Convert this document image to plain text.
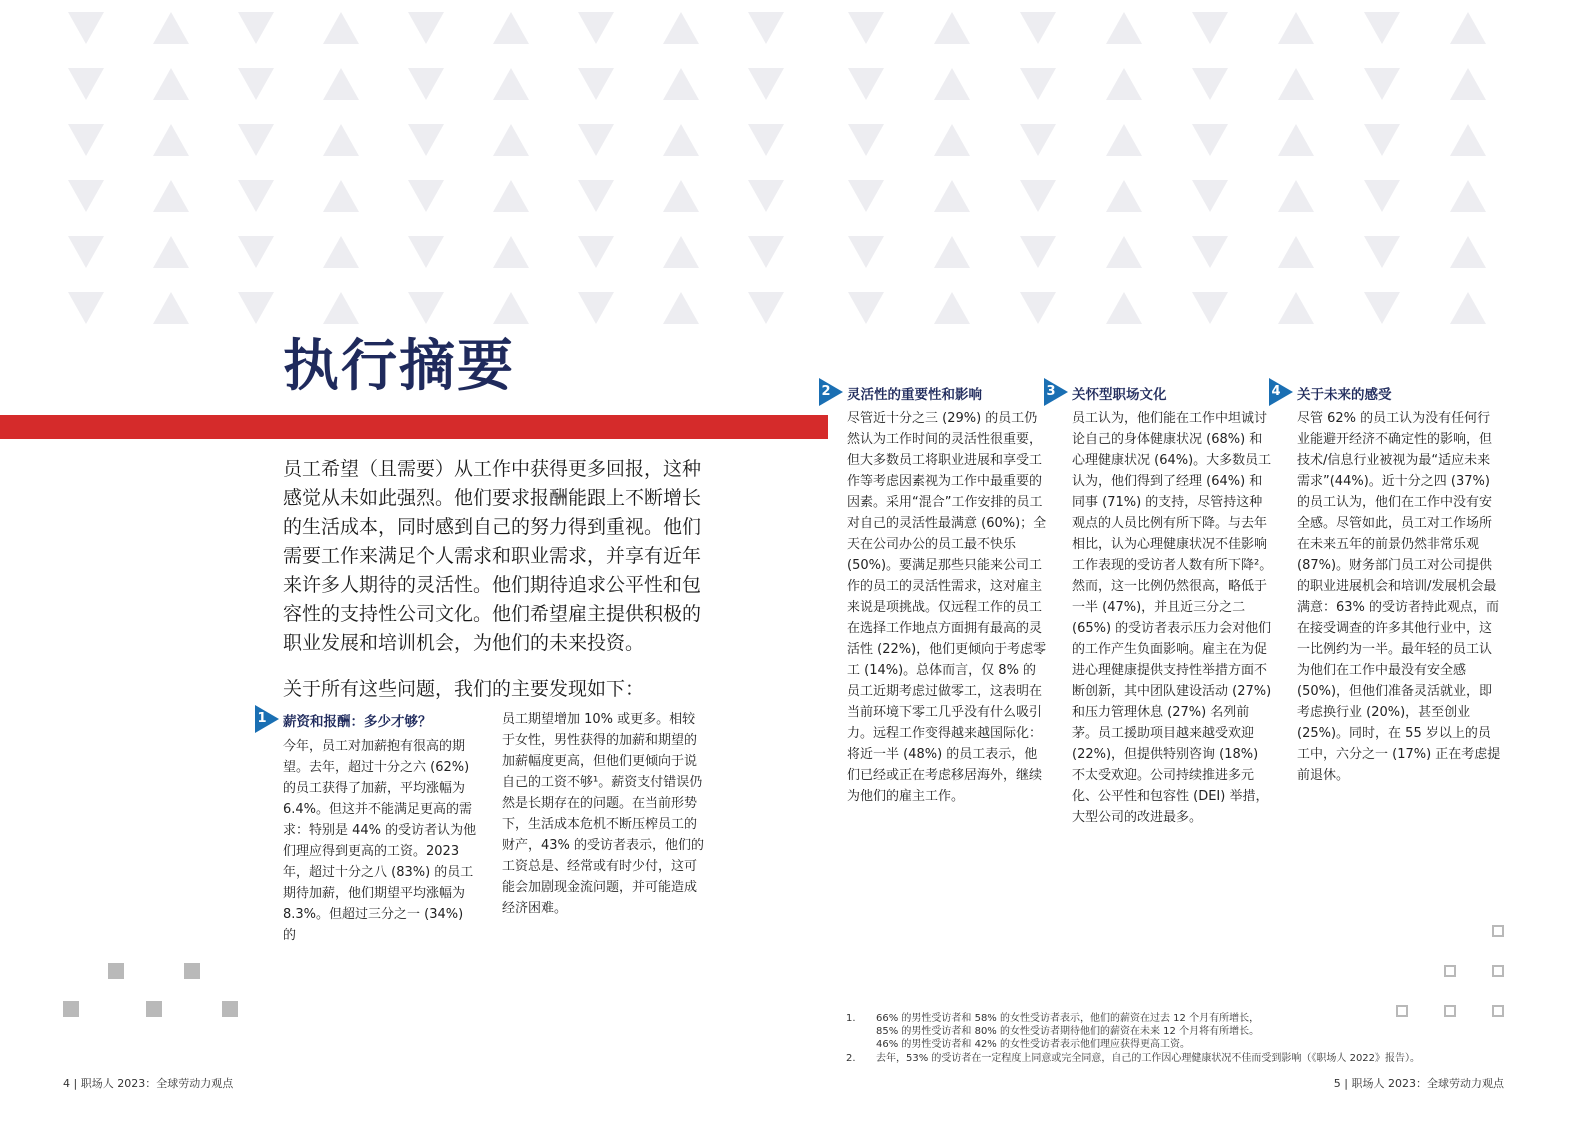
执行摘要

员工希望（且需要）从工作中获得更多回报，这种感觉从未如此强烈。他们要求报酬能跟上不断增长的生活成本，同时感到自己的努力得到重视。他们需要工作来满足个人需求和职业需求，并享有近年来许多人期待的灵活性。他们期待追求公平性和包容性的支持性公司文化。他们希望雇主提供积极的职业发展和培训机会，为他们的未来投资。

关于所有这些问题，我们的主要发现如下：

1 薪资和报酬：多少才够？

今年，员工对加薪抱有很高的期望。去年，超过十分之六 (62%) 的员工获得了加薪，平均涨幅为 6.4%。但这并不能满足更高的需求：特别是 44% 的受访者认为他们理应得到更高的工资。2023 年，超过十分之八 (83%) 的员工期待加薪，他们期望平均涨幅为 8.3%。但超过三分之一 (34%) 的

员工期望增加 10% 或更多。相较于女性，男性获得的加薪和期望的加薪幅度更高，但他们更倾向于说自己的工资不够¹。薪资支付错误仍然是长期存在的问题。在当前形势下，生活成本危机不断压榨员工的财产，43% 的受访者表示，他们的工资总是、经常或有时少付，这可能会加剧现金流问题，并可能造成经济困难。

2 灵活性的重要性和影响

尽管近十分之三 (29%) 的员工仍然认为工作时间的灵活性很重要，但大多数员工将职业进展和享受工作等考虑因素视为工作中最重要的因素。采用“混合”工作安排的员工对自己的灵活性最满意 (60%)；全天在公司办公的员工最不快乐 (50%)。要满足那些只能来公司工作的员工的灵活性需求，这对雇主来说是项挑战。仅远程工作的员工在选择工作地点方面拥有最高的灵活性 (22%)，他们更倾向于考虑零工 (14%)。总体而言，仅 8% 的员工近期考虑过做零工，这表明在当前环境下零工几乎没有什么吸引力。远程工作变得越来越国际化：将近一半 (48%) 的员工表示，他们已经或正在考虑移居海外，继续为他们的雇主工作。

3 关怀型职场文化

员工认为，他们能在工作中坦诚讨论自己的身体健康状况 (68%) 和心理健康状况 (64%)。大多数员工认为，他们得到了经理 (64%) 和同事 (71%) 的支持，尽管持这种观点的人员比例有所下降。与去年相比，认为心理健康状况不佳影响工作表现的受访者人数有所下降²。然而，这一比例仍然很高，略低于一半 (47%)，并且近三分之二 (65%) 的受访者表示压力会对他们的工作产生负面影响。雇主在为促进心理健康提供支持性举措方面不断创新，其中团队建设活动 (27%) 和压力管理休息 (27%) 名列前茅。员工援助项目越来越受欢迎 (22%)，但提供特别咨询 (18%) 不太受欢迎。公司持续推进多元化、公平性和包容性 (DEI) 举措，大型公司的改进最多。

4 关于未来的感受

尽管 62% 的员工认为没有任何行业能避开经济不确定性的影响，但技术/信息行业被视为最“适应未来需求”(44%)。近十分之四 (37%) 的员工认为，他们在工作中没有安全感。尽管如此，员工对工作场所在未来五年的前景仍然非常乐观 (87%)。财务部门员工对公司提供的职业进展机会和培训/发展机会最满意：63% 的受访者持此观点，而在接受调查的许多其他行业中，这一比例约为一半。最年轻的员工认为他们在工作中最没有安全感 (50%)，但他们准备灵活就业，即考虑换行业 (20%)，甚至创业 (25%)。同时，在 55 岁以上的员工中，六分之一 (17%) 正在考虑提前退休。

1. 66% 的男性受访者和 58% 的女性受访者表示，他们的薪资在过去 12 个月有所增长，
85% 的男性受访者和 80% 的女性受访者期待他们的薪资在未来 12 个月将有所增长。
46% 的男性受访者和 42% 的女性受访者表示他们理应获得更高工资。
2. 去年，53% 的受访者在一定程度上同意或完全同意，自己的工作因心理健康状况不佳而受到影响（《职场人 2022》报告）。
4 | 职场人 2023：全球劳动力观点	5 | 职场人 2023：全球劳动力观点
